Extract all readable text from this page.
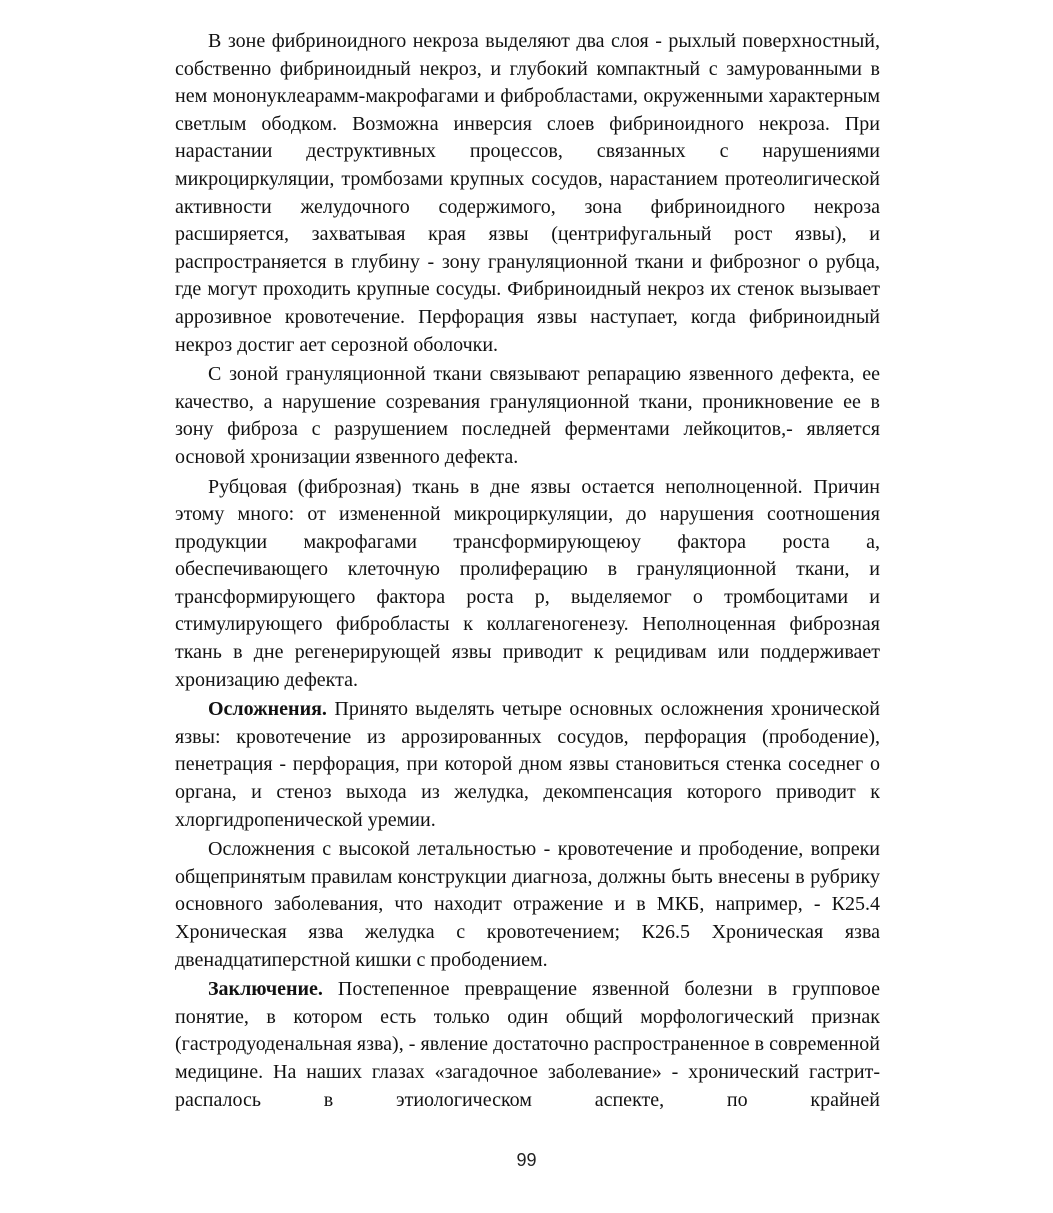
В зоне фибриноидного некроза выделяют два слоя - рыхлый поверхностный, собственно фибриноидный некроз, и глубокий компактный с замурованными в нем мононуклеарамм-макрофагами и фибробластами, окруженными характерным светлым ободком. Возможна инверсия слоев фибриноидного некроза. При нарастании деструктивных процессов, связанных с нарушениями микроциркуляции, тромбозами крупных сосудов, нарастанием протеолигической активности желудочного содержимого, зона фибриноидного некроза расширяется, захватывая края язвы (центрифугальный рост язвы), и распространяется в глубину - зону грануляционной ткани и фиброзног о рубца, где могут проходить крупные сосуды. Фибриноидный некроз их стенок вызывает аррозивное кровотечение. Перфорация язвы наступает, когда фибриноидный некроз достиг ает серозной оболочки.

С зоной грануляционной ткани связывают репарацию язвенного дефекта, ее качество, а нарушение созревания грануляционной ткани, проникновение ее в зону фиброза с разрушением последней ферментами лейкоцитов,- является основой хронизации язвенного дефекта.

Рубцовая (фиброзная) ткань в дне язвы остается неполноценной. Причин этому много: от измененной микроциркуляции, до нарушения соотношения продукции макрофагами трансформирующеюу фактора роста а, обеспечивающего клеточную пролиферацию в грануляционной ткани, и трансформирующего фактора роста р, выделяемог о тромбоцитами и стимулирующего фибробласты к коллагеногенезу. Неполноценная фиброзная ткань в дне регенерирующей язвы приводит к рецидивам или поддерживает хронизацию дефекта.

Осложнения. Принято выделять четыре основных осложнения хронической язвы: кровотечение из аррозированных сосудов, перфорация (прободение), пенетрация - перфорация, при которой дном язвы становиться стенка соседнег о органа, и стеноз выхода из желудка, декомпенсация которого приводит к хлоргидропенической уремии.

Осложнения с высокой летальностью - кровотечение и прободение, вопреки общепринятым правилам конструкции диагноза, должны быть внесены в рубрику основного заболевания, что находит отражение и в МКБ, например, - К25.4 Хроническая язва желудка с кровотечением; К26.5 Хроническая язва двенадцатиперстной кишки с прободением.

Заключение. Постепенное превращение язвенной болезни в групповое понятие, в котором есть только один общий морфологический признак (гастродуоденальная язва), - явление достаточно распространенное в современной медицине. На наших глазах «загадочное заболевание» - хронический гастрит-распалось в этиологическом аспекте, по крайней

99
